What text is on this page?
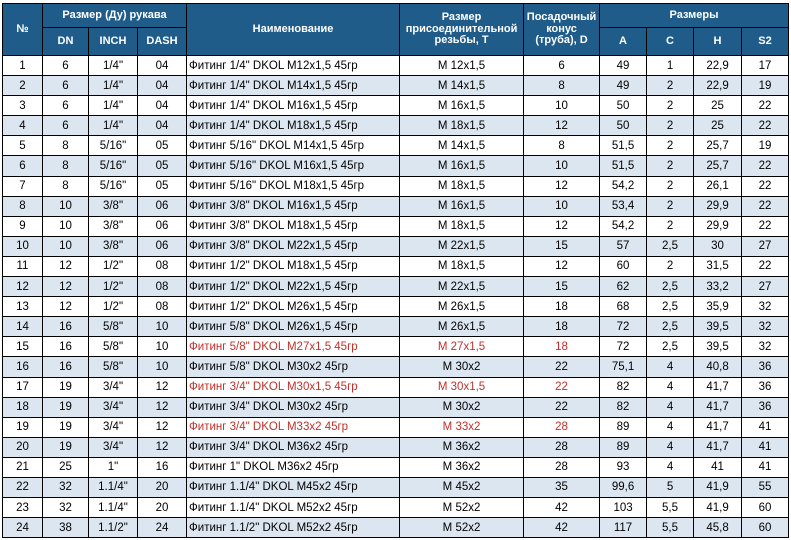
№	Размер (Ду) рукава			Наименование	Размер присоединительной резьбы, T	Посадочный конус (труба), D	Размеры			
	DN	INCH	DASH				A	C	H	S2
1	6	1/4"	04	Фитинг 1/4" DKOL M12x1,5 45гр	M 12x1,5	6	49	1	22,9	17
2	6	1/4"	04	Фитинг 1/4" DKOL M14x1,5 45гр	M 14x1,5	8	49	2	22,9	19
3	6	1/4"	04	Фитинг 1/4" DKOL M16x1,5 45гр	M 16x1,5	10	50	2	25	22
4	6	1/4"	04	Фитинг 1/4" DKOL M18x1,5 45гр	M 18x1,5	12	50	2	25	22
5	8	5/16"	05	Фитинг 5/16" DKOL M14x1,5 45гр	M 14x1,5	8	51,5	2	25,7	19
6	8	5/16"	05	Фитинг 5/16" DKOL M16x1,5 45гр	M 16x1,5	10	51,5	2	25,7	22
7	8	5/16"	05	Фитинг 5/16" DKOL M18x1,5 45гр	M 18x1,5	12	54,2	2	26,1	22
8	10	3/8"	06	Фитинг 3/8" DKOL M16x1,5 45гр	M 16x1,5	10	53,4	2	29,9	22
9	10	3/8"	06	Фитинг 3/8" DKOL M18x1,5 45гр	M 18x1,5	12	54,2	2	29,9	22
10	10	3/8"	06	Фитинг 3/8" DKOL M22x1,5 45гр	M 22x1,5	15	57	2,5	30	27
11	12	1/2"	08	Фитинг 1/2" DKOL M18x1,5 45гр	M 18x1,5	12	60	2	31,5	22
12	12	1/2"	08	Фитинг 1/2" DKOL M22x1,5 45гр	M 22x1,5	15	62	2,5	33,2	27
13	12	1/2"	08	Фитинг 1/2" DKOL M26x1,5 45гр	M 26x1,5	18	68	2,5	35,9	32
14	16	5/8"	10	Фитинг 5/8" DKOL M26x1,5 45гр	M 26x1,5	18	72	2,5	39,5	32
15	16	5/8"	10	Фитинг 5/8" DKOL M27x1,5 45гр	M 27x1,5	18	72	2,5	39,5	32
16	16	5/8"	10	Фитинг 5/8" DKOL M30x2 45гр	M 30x2	22	75,1	4	40,8	36
17	19	3/4"	12	Фитинг 3/4" DKOL M30x1,5 45гр	M 30x1,5	22	82	4	41,7	36
18	19	3/4"	12	Фитинг 3/4" DKOL M30x2 45гр	M 30x2	22	82	4	41,7	36
19	19	3/4"	12	Фитинг 3/4" DKOL M33x2 45гр	M 33x2	28	89	4	41,7	41
20	19	3/4"	12	Фитинг 3/4" DKOL M36x2 45гр	M 36x2	28	89	4	41,7	41
21	25	1"	16	Фитинг 1" DKOL M36x2 45гр	M 36x2	28	93	4	41	41
22	32	1.1/4"	20	Фитинг 1.1/4" DKOL M45x2 45гр	M 45x2	35	99,6	5	41,9	55
23	32	1.1/4"	20	Фитинг 1.1/4" DKOL M52x2 45гр	M 52x2	42	103	5,5	41,9	60
24	38	1.1/2"	24	Фитинг 1.1/2" DKOL M52x2 45гр	M 52x2	42	117	5,5	45,8	60
